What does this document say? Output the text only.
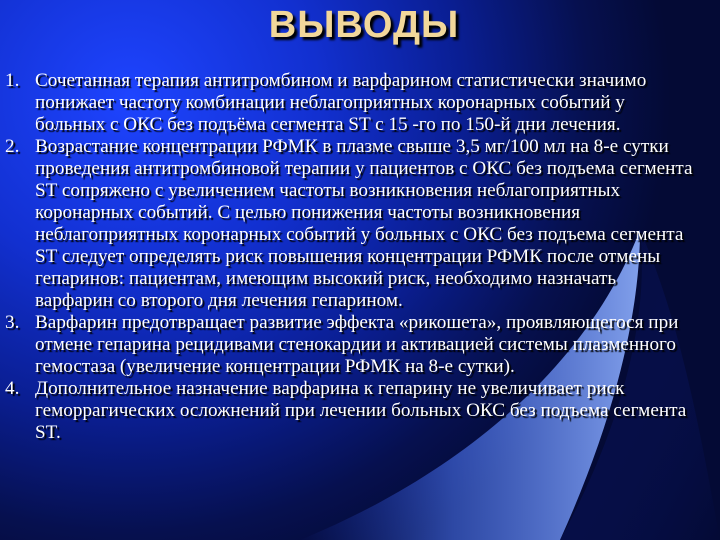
ВЫВОДЫ
1. Сочетанная терапия антитромбином и варфарином статистически значимо понижает частоту комбинации неблагоприятных коронарных событий у больных с ОКС без подъёма сегмента ST с 15 -го по 150-й дни лечения.
2. Возрастание концентрации РФМК в плазме свыше 3,5 мг/100 мл на 8-е сутки проведения антитромбиновой терапии у пациентов с ОКС без подъема сегмента ST сопряжено с увеличением частоты возникновения неблагоприятных коронарных событий. С целью понижения частоты возникновения неблагоприятных коронарных событий у больных с ОКС без подъема сегмента ST следует определять риск повышения концентрации РФМК после отмены гепаринов: пациентам, имеющим высокий риск, необходимо назначать варфарин со второго дня лечения гепарином.
3. Варфарин предотвращает развитие эффекта «рикошета», проявляющегося при отмене гепарина рецидивами стенокардии и активацией системы плазменного гемостаза (увеличение концентрации РФМК на 8-е сутки).
4. Дополнительное назначение варфарина к гепарину не увеличивает риск геморрагических осложнений при лечении больных ОКС без подъема сегмента ST.
